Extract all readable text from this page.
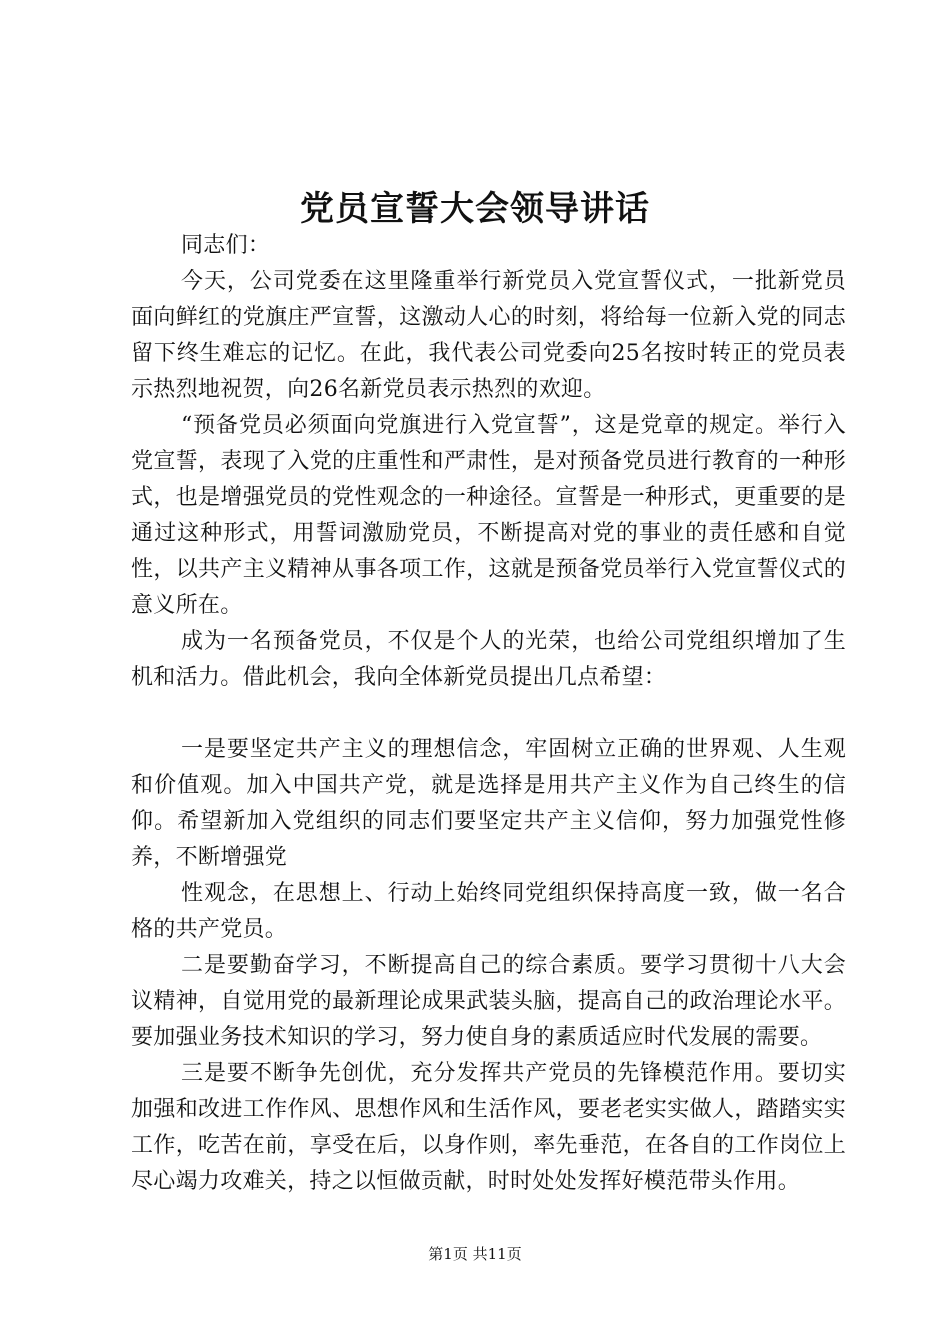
党员宣誓大会领导讲话

同志们：

今天，公司党委在这里隆重举行新党员入党宣誓仪式，一批新党员面向鲜红的党旗庄严宣誓，这激动人心的时刻，将给每一位新入党的同志留下终生难忘的记忆。在此，我代表公司党委向25名按时转正的党员表示热烈地祝贺，向26名新党员表示热烈的欢迎。

“预备党员必须面向党旗进行入党宣誓”，这是党章的规定。举行入党宣誓，表现了入党的庄重性和严肃性，是对预备党员进行教育的一种形式，也是增强党员的党性观念的一种途径。宣誓是一种形式，更重要的是通过这种形式，用誓词激励党员，不断提高对党的事业的责任感和自觉性，以共产主义精神从事各项工作，这就是预备党员举行入党宣誓仪式的意义所在。

成为一名预备党员，不仅是个人的光荣，也给公司党组织增加了生机和活力。借此机会，我向全体新党员提出几点希望：

一是要坚定共产主义的理想信念，牢固树立正确的世界观、人生观和价值观。加入中国共产党，就是选择是用共产主义作为自己终生的信仰。希望新加入党组织的同志们要坚定共产主义信仰，努力加强党性修养，不断增强党

性观念，在思想上、行动上始终同党组织保持高度一致，做一名合格的共产党员。

二是要勤奋学习，不断提高自己的综合素质。要学习贯彻十八大会议精神，自觉用党的最新理论成果武装头脑，提高自己的政治理论水平。要加强业务技术知识的学习，努力使自身的素质适应时代发展的需要。

三是要不断争先创优，充分发挥共产党员的先锋模范作用。要切实加强和改进工作作风、思想作风和生活作风，要老老实实做人，踏踏实实工作，吃苦在前，享受在后，以身作则，率先垂范，在各自的工作岗位上尽心竭力攻难关，持之以恒做贡献，时时处处发挥好模范带头作用。

第1页 共11页
